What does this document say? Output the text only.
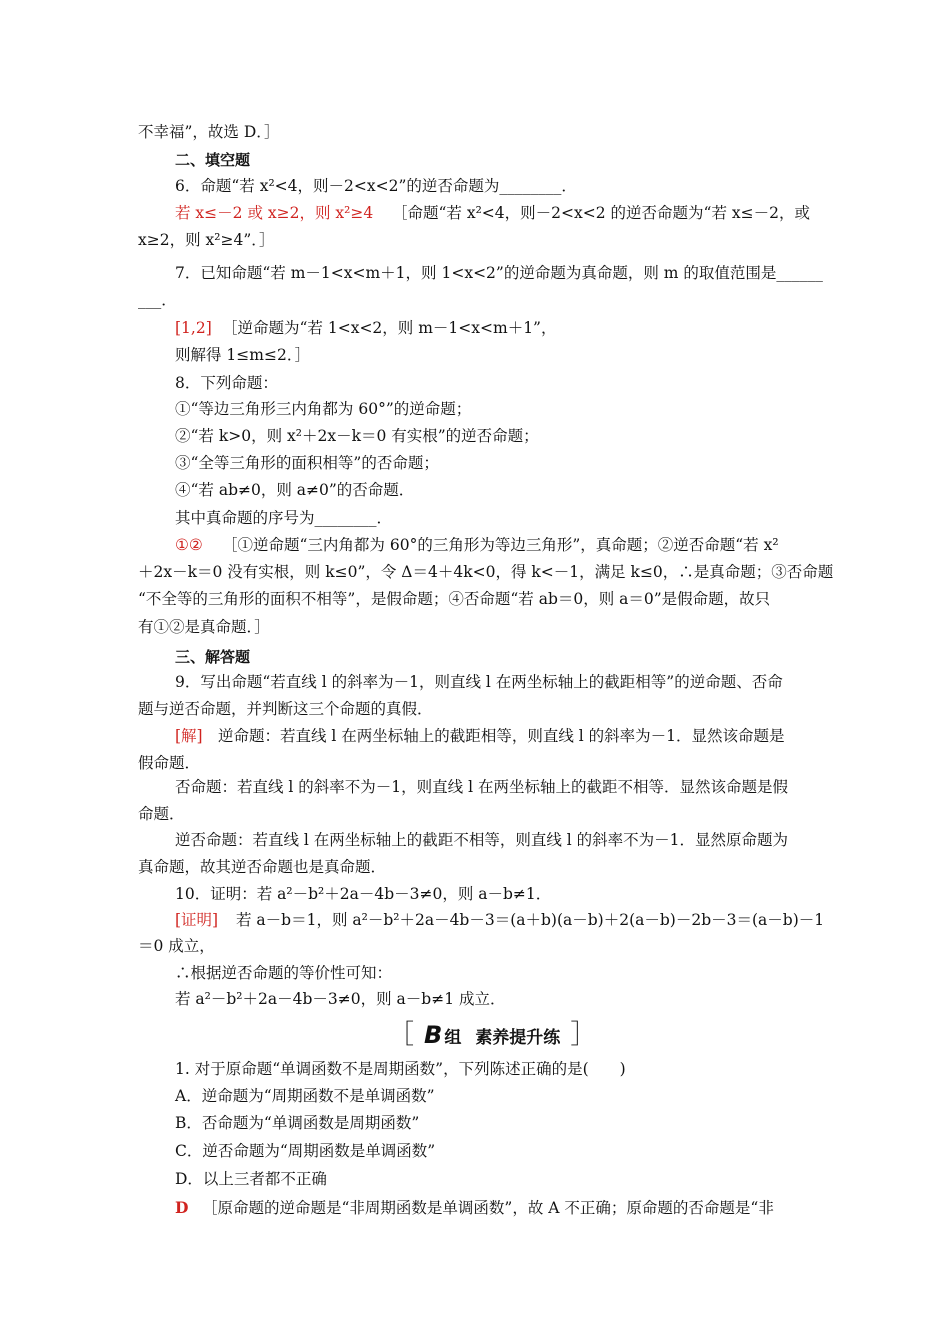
不幸福”，故选 D．］
二、填空题
6．命题“若 x²<4，则－2<x<2”的逆否命题为________．
若 x≤－2 或 x≥2，则 x²≥4 ［命题“若 x²<4，则－2<x<2 的逆否命题为“若 x≤－2，或
x≥2，则 x²≥4”．］
7．已知命题“若 m－1<x<m＋1，则 1<x<2”的逆命题为真命题，则 m 的取值范围是______
___．
[1,2] ［逆命题为“若 1<x<2，则 m－1<x<m＋1”，
则解得 1≤m≤2．］
8．下列命题：
①“等边三角形三内角都为 60°”的逆命题；
②“若 k>0，则 x²＋2x－k＝0 有实根”的逆否命题；
③“全等三角形的面积相等”的否命题；
④“若 ab≠0，则 a≠0”的否命题．
其中真命题的序号为________．
①② ［①逆命题“三内角都为 60°的三角形为等边三角形”，真命题；②逆否命题“若 x²
＋2x－k＝0 没有实根，则 k≤0”，令 Δ＝4＋4k<0，得 k<－1，满足 k≤0，∴是真命题；③否命题
“不全等的三角形的面积不相等”，是假命题；④否命题“若 ab＝0，则 a＝0”是假命题，故只
有①②是真命题．］
三、解答题
9．写出命题“若直线 l 的斜率为－1，则直线 l 在两坐标轴上的截距相等”的逆命题、否命
题与逆否命题，并判断这三个命题的真假．
[解] 逆命题：若直线 l 在两坐标轴上的截距相等，则直线 l 的斜率为－1．显然该命题是
假命题．
否命题：若直线 l 的斜率不为－1，则直线 l 在两坐标轴上的截距不相等．显然该命题是假
命题．
逆否命题：若直线 l 在两坐标轴上的截距不相等，则直线 l 的斜率不为－1．显然原命题为
真命题，故其逆否命题也是真命题．
10．证明：若 a²－b²＋2a－4b－3≠0，则 a－b≠1．
[证明] 若 a－b＝1，则 a²－b²＋2a－4b－3＝(a＋b)(a－b)＋2(a－b)－2b－3＝(a－b)－1
＝0 成立，
∴根据逆否命题的等价性可知：
若 a²－b²＋2a－4b－3≠0，则 a－b≠1 成立．
1. 对于原命题“单调函数不是周期函数”，下列陈述正确的是(　　)
A．逆命题为“周期函数不是单调函数”
B．否命题为“单调函数是周期函数”
C．逆否命题为“周期函数是单调函数”
D．以上三者都不正确
D ［原命题的逆命题是“非周期函数是单调函数”，故 A 不正确；原命题的否命题是“非
［ B 组 素养提升练 ］
